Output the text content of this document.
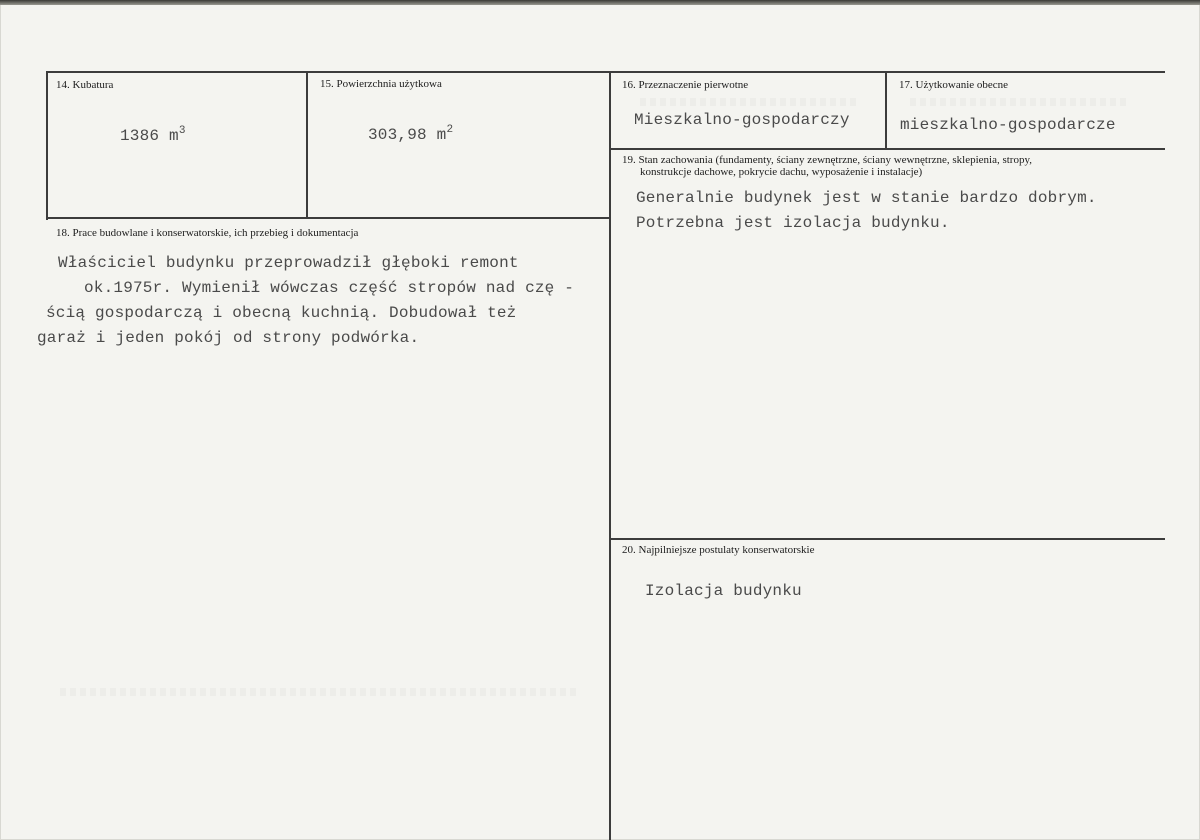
14. Kubatura
1386 $m^3$
15. Powierzchnia użytkowa
303,98 $m^2$
16. Przeznaczenie pierwotne
Mieszkalno-gospodarczy
17. Użytkowanie obecne
mieszkalno-gospodarcze
19. Stan zachowania (fundamenty, ściany zewnętrzne, ściany wewnętrzne, sklepienia, stropy,
konstrukcje dachowe, pokrycie dachu, wyposażenie i instalacje)
Generalnie budynek jest w stanie bardzo dobrym.
Potrzebna jest izolacja budynku.
18. Prace budowlane i konserwatorskie, ich przebieg i dokumentacja
Właściciel budynku przeprowadził głęboki remont
ok.1975r. Wymienił wówczas część stropów nad czę -
ścią gospodarczą i obecną kuchnią. Dobudował też
garaż i jeden pokój od strony podwórka.
20. Najpilniejsze postulaty konserwatorskie
Izolacja budynku
